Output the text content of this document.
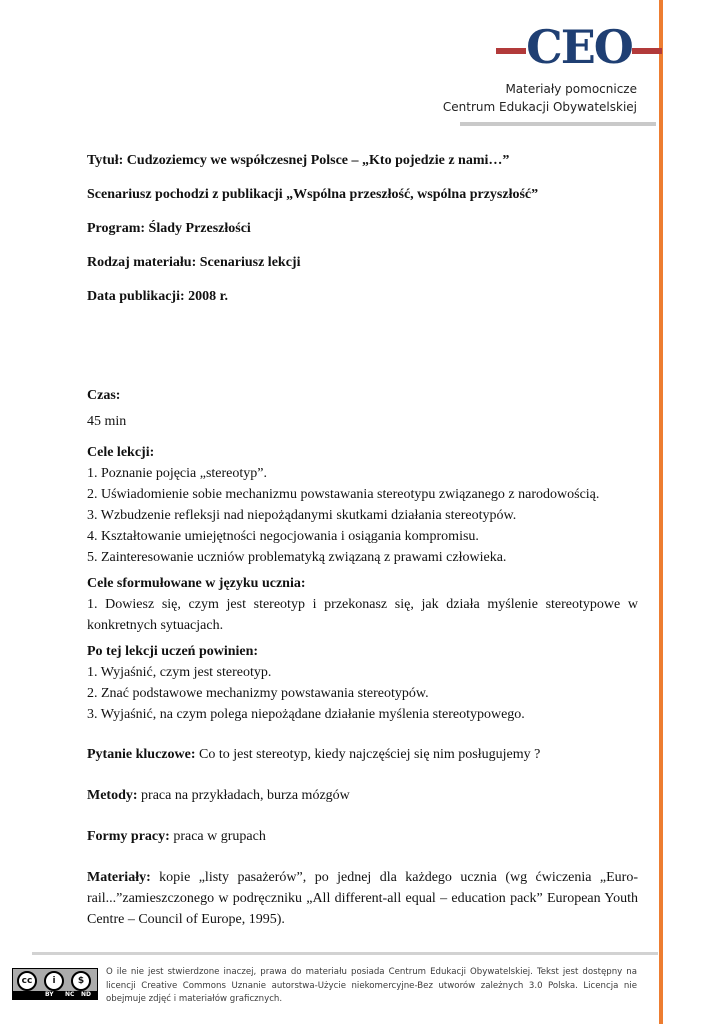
CEO
Materiały pomocnicze
Centrum Edukacji Obywatelskiej

Tytuł: Cudzoziemcy we współczesnej Polsce – „Kto pojedzie z nami…”

Scenariusz pochodzi z publikacji „Wspólna przeszłość, wspólna przyszłość”

Program: Ślady Przeszłości

Rodzaj materiału: Scenariusz lekcji

Data publikacji: 2008 r.

Czas:

45 min

Cele lekcji:

1. Poznanie pojęcia „stereotyp”.

2. Uświadomienie sobie mechanizmu powstawania stereotypu związanego z narodowością.

3. Wzbudzenie refleksji nad niepożądanymi skutkami działania stereotypów.

4. Kształtowanie umiejętności negocjowania i osiągania kompromisu.

5. Zainteresowanie uczniów problematyką związaną z prawami człowieka.

Cele sformułowane w języku ucznia:

1. Dowiesz się, czym jest stereotyp i przekonasz się, jak działa myślenie stereotypowe w konkretnych sytuacjach.

Po tej lekcji uczeń powinien:

1. Wyjaśnić, czym jest stereotyp.

2. Znać podstawowe mechanizmy powstawania stereotypów.

3. Wyjaśnić, na czym polega niepożądane działanie myślenia stereotypowego.

Pytanie kluczowe: Co to jest stereotyp, kiedy najczęściej się nim posługujemy ?

Metody: praca na przykładach, burza mózgów

Formy pracy: praca w grupach

Materiały: kopie „listy pasażerów”, po jednej dla każdego ucznia (wg ćwiczenia „Euro-rail...”zamieszczonego w podręczniku „All different-all equal – education pack” European Youth Centre – Council of Europe, 1995).

cc	i	$
BY NC ND
O ile nie jest stwierdzone inaczej, prawa do materiału posiada Centrum Edukacji Obywatelskiej. Tekst jest dostępny na licencji Creative Commons Uznanie autorstwa-Użycie niekomercyjne-Bez utworów zależnych 3.0 Polska. Licencja nie obejmuje zdjęć i materiałów graficznych.
